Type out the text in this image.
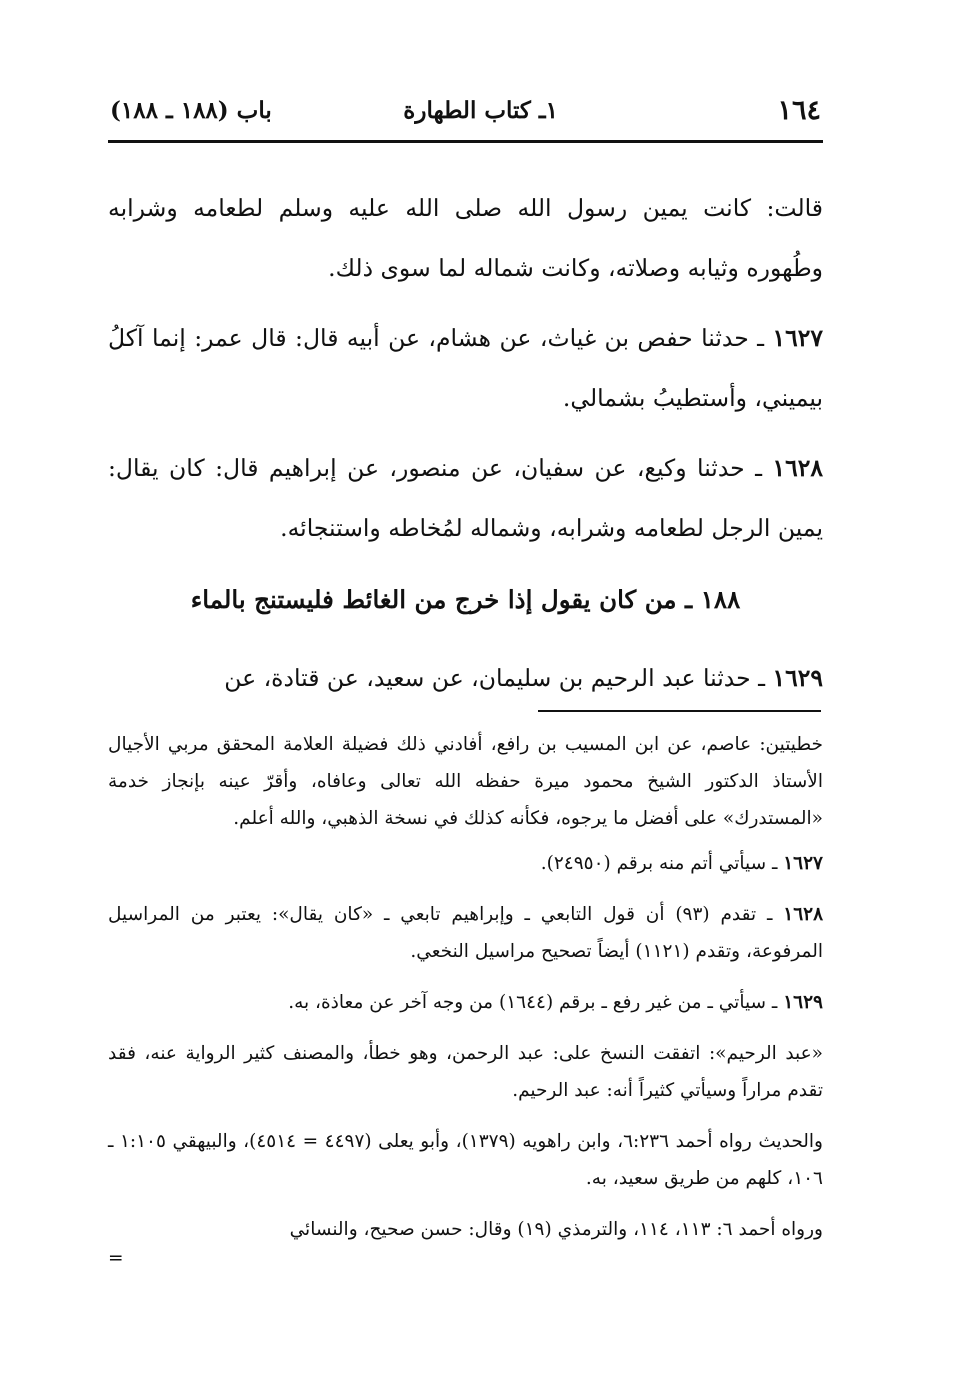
١٦٤
١ـ كتاب الطهارة
باب (١٨٨ ـ ١٨٨)

قالت: كانت يمين رسول الله صلى الله عليه وسلم لطعامه وشرابه وطُهوره وثيابه وصلاته، وكانت شماله لما سوى ذلك.

١٦٢٧ ـ حدثنا حفص بن غياث، عن هشام، عن أبيه قال: قال عمر: إنما آكلُ بيميني، وأستطيبُ بشمالي.

١٦٢٨ ـ حدثنا وكيع، عن سفيان، عن منصور، عن إبراهيم قال: كان يقال: يمين الرجل لطعامه وشرابه، وشماله لمُخاطه واستنجائه.

١٨٨ ـ من كان يقول إذا خرج من الغائط فليستنج بالماء

١٦٢٩ ـ حدثنا عبد الرحيم بن سليمان، عن سعيد، عن قتادة، عن

خطيتين: عاصم، عن ابن المسيب بن رافع، أفادني ذلك فضيلة العلامة المحقق مربي الأجيال الأستاذ الدكتور الشيخ محمود ميرة حفظه الله تعالى وعافاه، وأقرّ عينه بإنجاز خدمة «المستدرك» على أفضل ما يرجوه، فكأنه كذلك في نسخة الذهبي، والله أعلم.

١٦٢٧ ـ سيأتي أتم منه برقم (٢٤٩٥٠).

١٦٢٨ ـ تقدم (٩٣) أن قول التابعي ـ وإبراهيم تابعي ـ «كان يقال»: يعتبر من المراسيل المرفوعة، وتقدم (١١٢١) أيضاً تصحيح مراسيل النخعي.

١٦٢٩ ـ سيأتي ـ من غير رفع ـ برقم (١٦٤٤) من وجه آخر عن معاذة، به.

«عبد الرحيم»: اتفقت النسخ على: عبد الرحمن، وهو خطأ، والمصنف كثير الرواية عنه، فقد تقدم مراراً وسيأتي كثيراً أنه: عبد الرحيم.

والحديث رواه أحمد ٦:٢٣٦، وابن راهويه (١٣٧٩)، وأبو يعلى (٤٤٩٧ = ٤٥١٤)، والبيهقي ١:١٠٥ ـ ١٠٦، كلهم من طريق سعيد، به.

ورواه أحمد ٦: ١١٣، ١١٤، والترمذي (١٩) وقال: حسن صحيح، والنسائي
=
